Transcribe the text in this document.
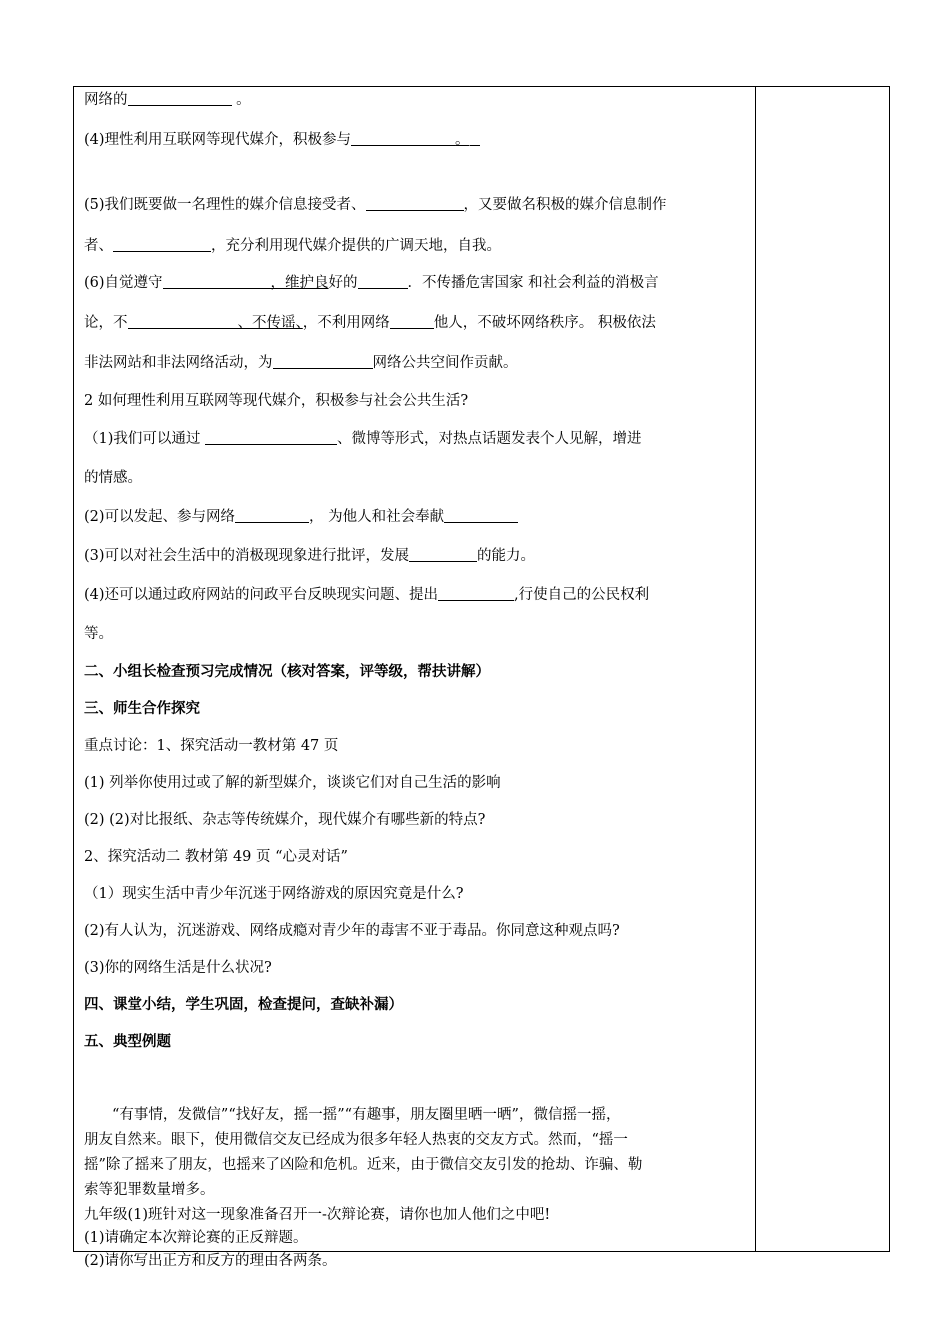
网络的	。
(4)理性利用互联网等现代媒介，积极参与	。
(5)我们既要做一名理性的媒介信息接受者、	，又要做名积极的媒介信息制作
者、	，充分利用现代媒介提供的广调天地，自我。
(6)自觉遵守	，维护良好的	．不传播危害国家 和社会利益的消极言
论，不	、不传谣、，不利用网络	他人，不破坏网络秩序。 积极依法
非法网站和非法网络活动，为	网络公共空间作贡献。
2 如何理性利用互联网等现代媒介，积极参与社会公共生活?
（1)我们可以通过	、微博等形式，对热点话题发表个人见解，增进
的情感。
(2)可以发起、参与网络	， 为他人和社会奉献
(3)可以对社会生活中的消极现现象进行批评，发展	的能力。
(4)还可以通过政府网站的问政平台反映现实问题、提出	,行使自己的公民权利
等。
二、小组长检查预习完成情况（核对答案，评等级，帮扶讲解）
三、师生合作探究
重点讨论：1、探究活动一教材第 47 页
(1) 列举你使用过或了解的新型媒介，谈谈它们对自己生活的影响
(2) (2)对比报纸、杂志等传统媒介，现代媒介有哪些新的特点?
2、探究活动二 教材第 49 页 “心灵对话”
（1）现实生活中青少年沉迷于网络游戏的原因究竟是什么?
(2)有人认为，沉迷游戏、网络成瘾对青少年的毒害不亚于毒品。你同意这种观点吗?
(3)你的网络生活是什么状况?
四、课堂小结，学生巩固，检查提问，查缺补漏）
五、典型例题
“有事情，发微信”“找好友，摇一摇”“有趣事，朋友圈里晒一晒”，微信摇一摇，
朋友自然来。眼下，使用微信交友已经成为很多年轻人热衷的交友方式。然而，“摇一
摇”除了摇来了朋友，也摇来了凶险和危机。近来，由于微信交友引发的抢劫、诈骗、勒
索等犯罪数量增多。
九年级(1)班针对这一现象准备召开一-次辩论赛，请你也加人他们之中吧!
(1)请确定本次辩论赛的正反辩题。
(2)请你写出正方和反方的理由各两条。
